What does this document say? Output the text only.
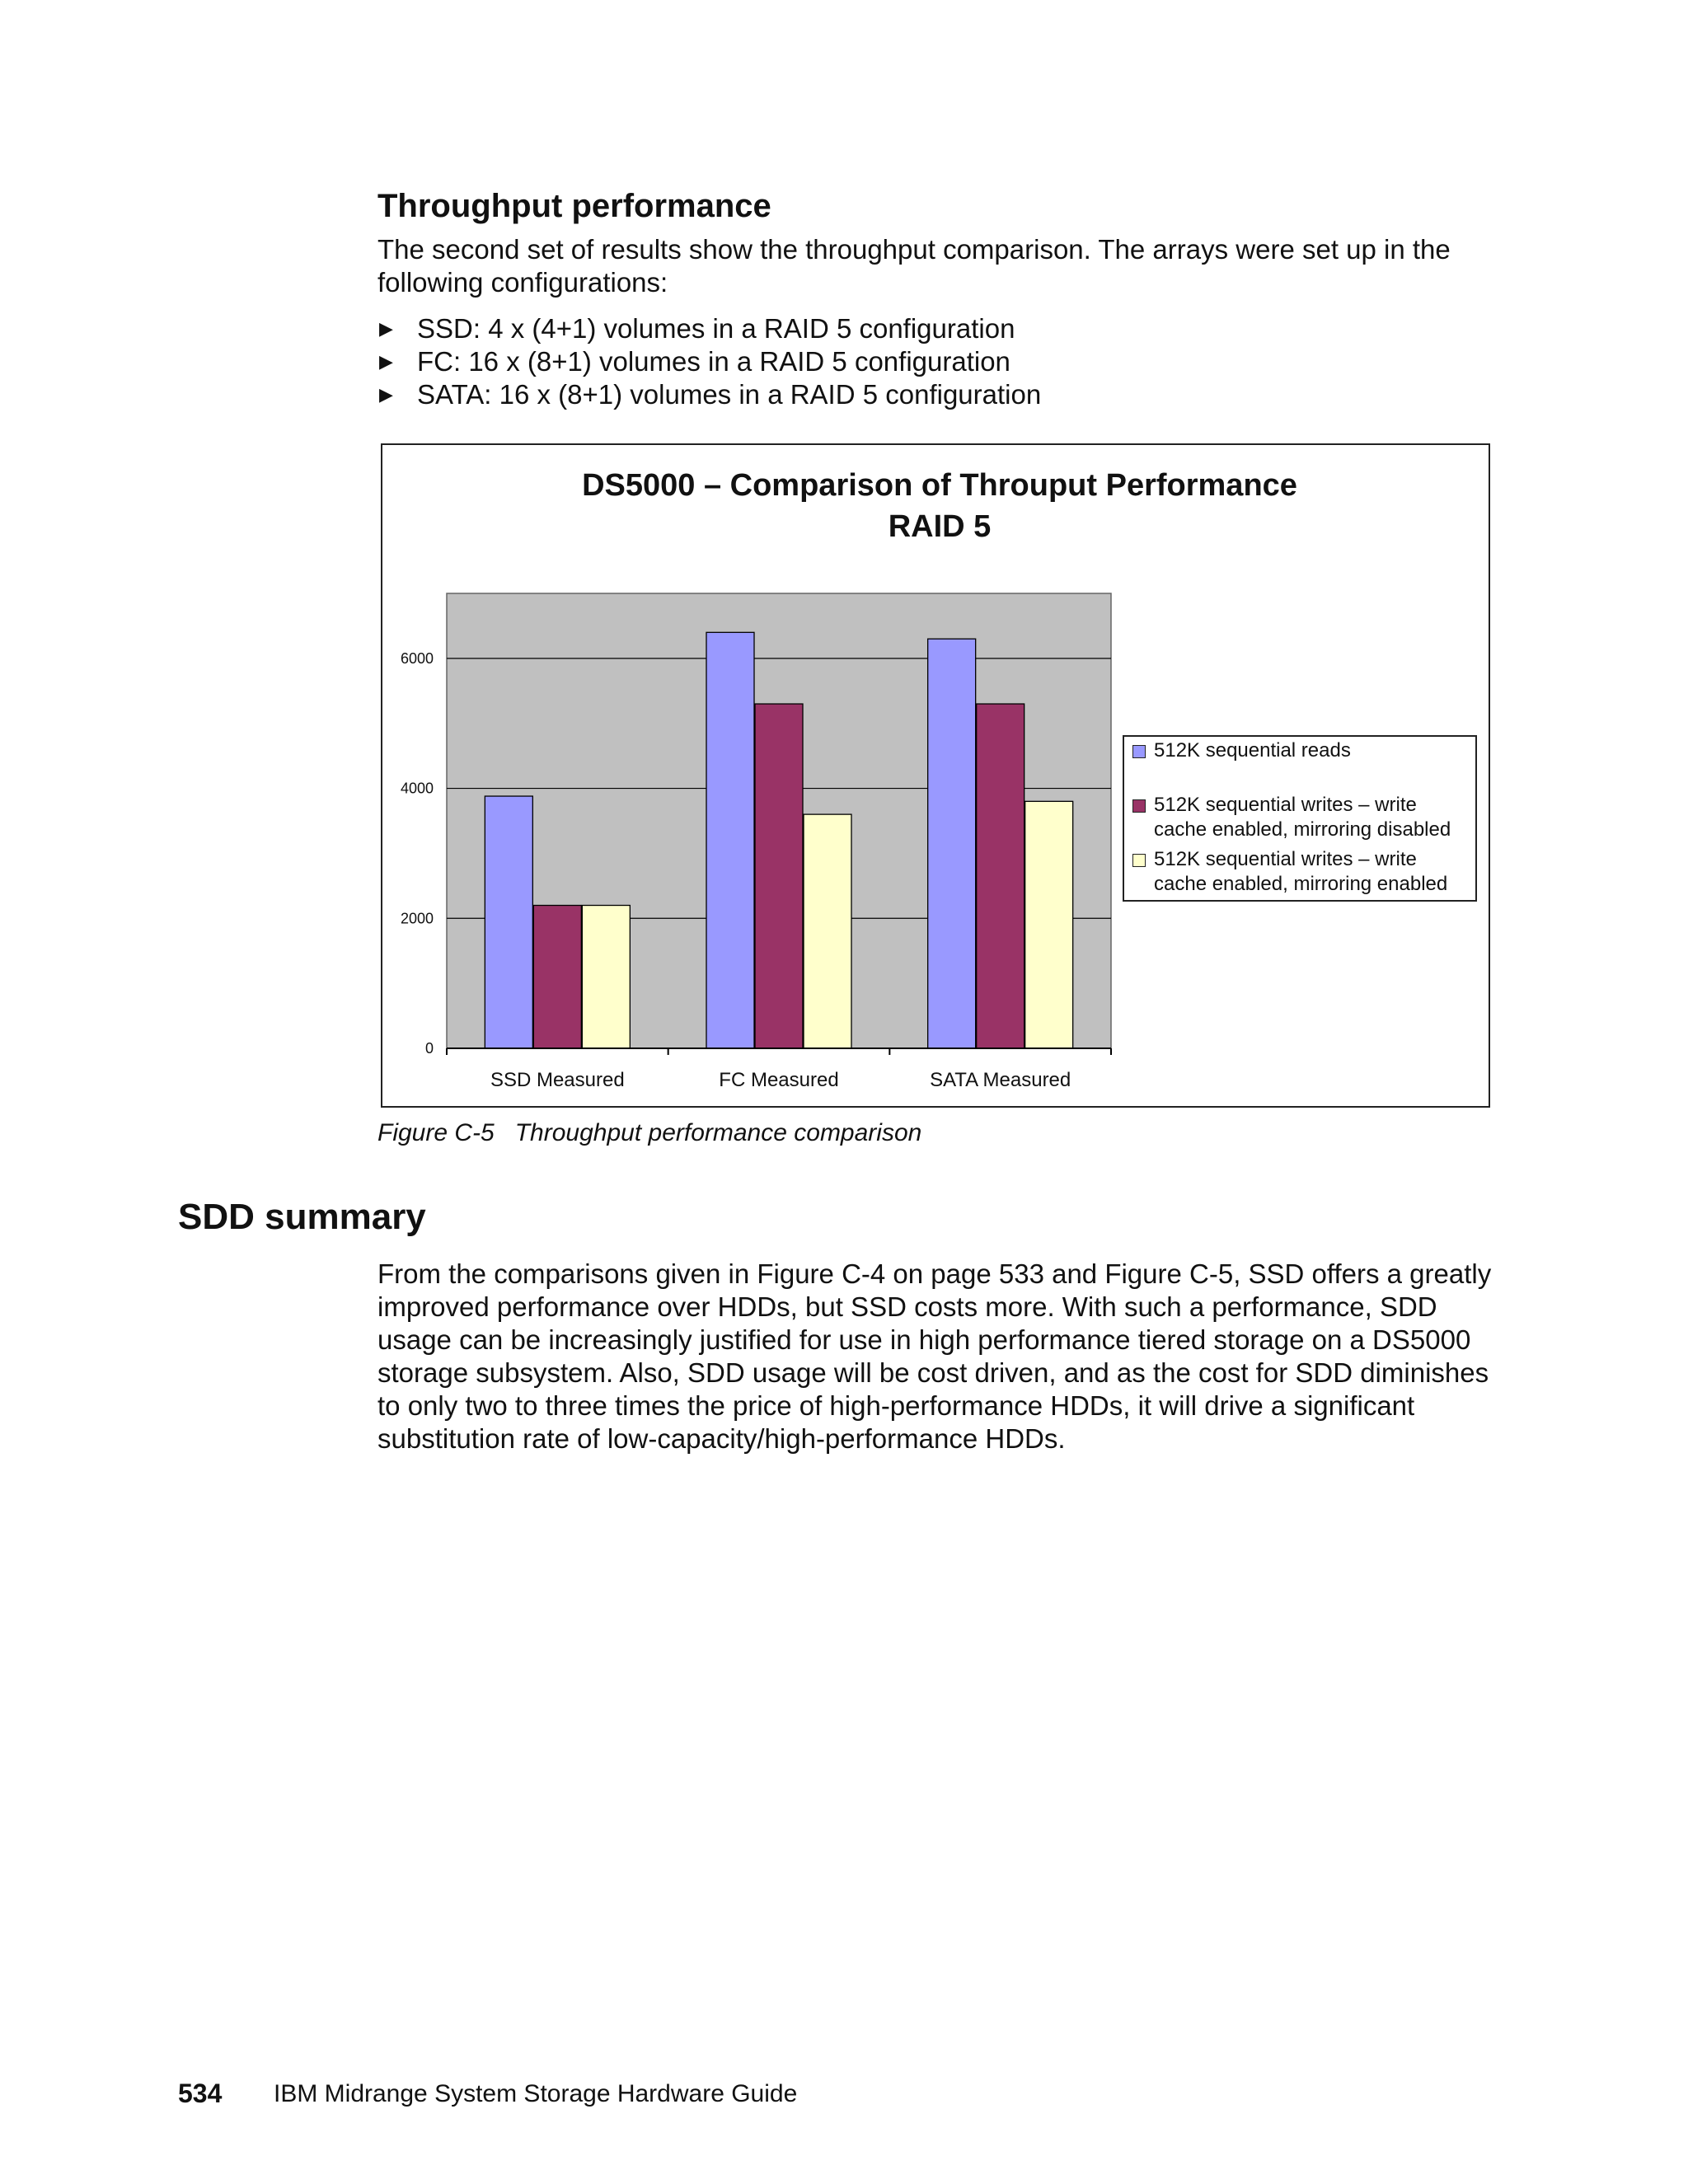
Throughput performance
The second set of results show the throughput comparison. The arrays were set up in the
following configurations:
▶ SSD: 4 x (4+1) volumes in a RAID 5 configuration
▶ FC: 16 x (8+1) volumes in a RAID 5 configuration
▶ SATA: 16 x (8+1) volumes in a RAID 5 configuration
DS5000 – Comparison of Throuput Performance
RAID 5
0
2000
4000
6000
SSD Measured	FC Measured	SATA Measured
512K sequential reads
512K sequential writes – write
cache enabled, mirroring disabled
512K sequential writes – write
cache enabled, mirroring enabled
Figure C-5 Throughput performance comparison
SDD summary
From the comparisons given in Figure C-4 on page 533 and Figure C-5, SSD offers a greatly
improved performance over HDDs, but SSD costs more. With such a performance, SDD
usage can be increasingly justified for use in high performance tiered storage on a DS5000
storage subsystem. Also, SDD usage will be cost driven, and as the cost for SDD diminishes
to only two to three times the price of high-performance HDDs, it will drive a significant
substitution rate of low-capacity/high-performance HDDs.
534 IBM Midrange System Storage Hardware Guide
